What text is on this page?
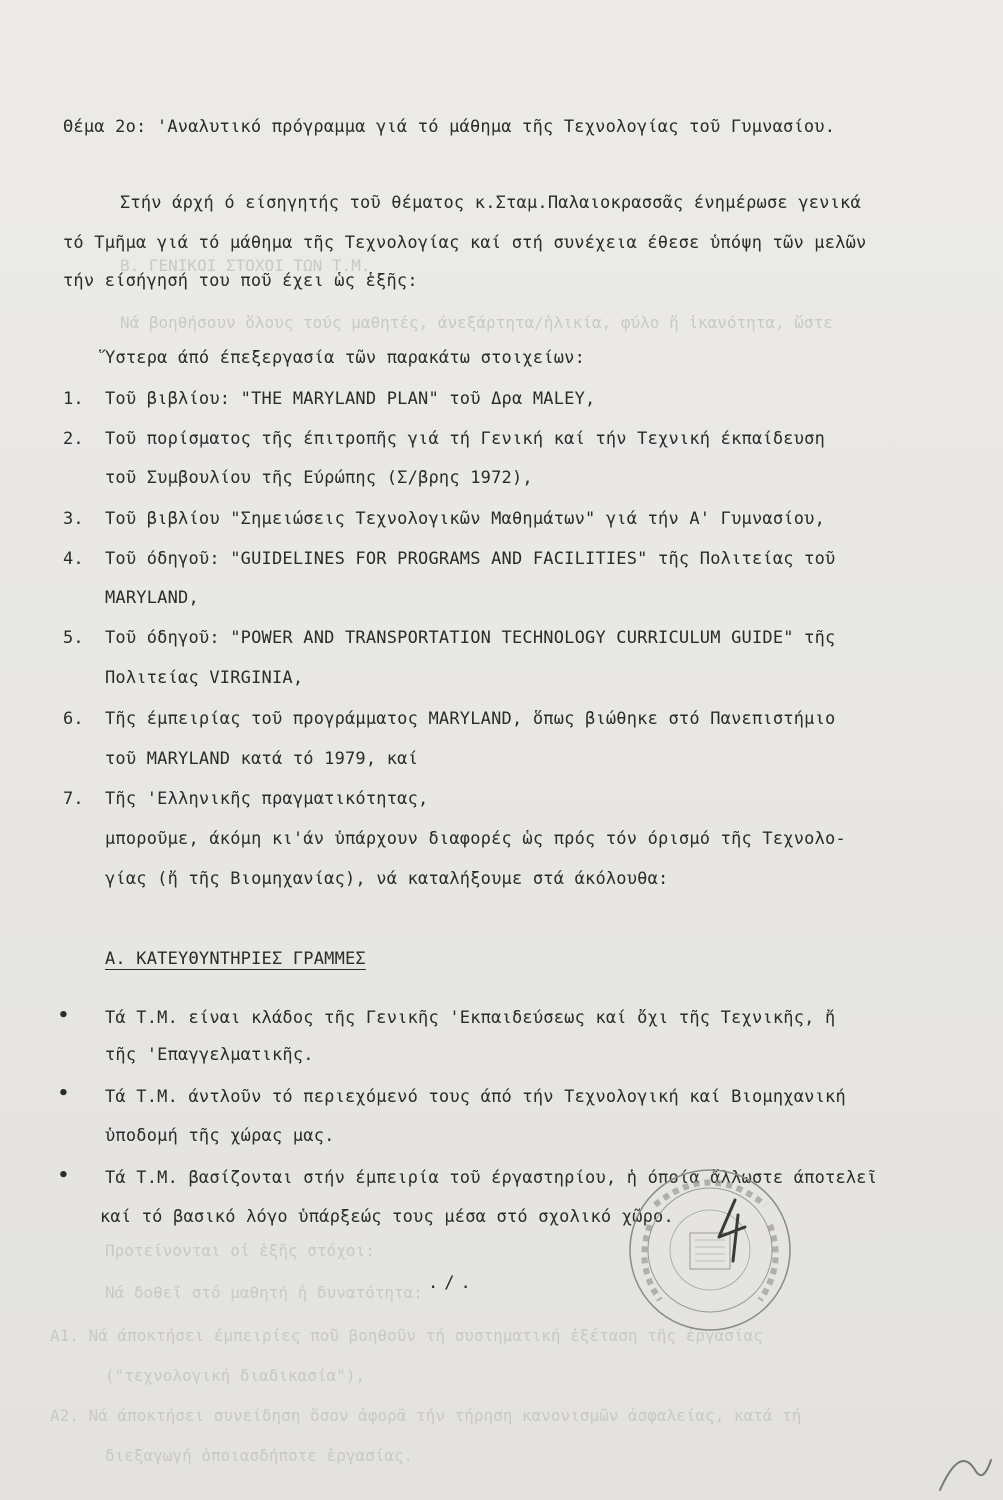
Β. ΓΕΝΙΚΟΙ ΣΤΟΧΟΙ ΤΩΝ Τ.Μ.
Νά βοηθήσουν ὅλους τούς μαθητές, άνεξάρτητα/ἡλικία, φύλο ἤ ἱκανότητα, ὥστε
Προτείνονται οἱ ἑξῆς στόχοι:
Νά δοθεῖ στό μαθητή ἡ δυνατότητα:
Α1. Νά άποκτήσει έμπειρίες ποῦ βοηθοῦν τή συστηματική ἐξέταση τῆς ἐργασίας
("τεχνολογική διαδικασία"),
Α2. Νά άποκτήσει συνείδηση ὅσον ἀφορᾶ τήν τήρηση κανονισμῶν ἀσφαλείας, κατά τή
διεξαγωγή ὁποιασδήποτε ἐργασίας.
Θέμα 2ο: 'Αναλυτικό πρόγραμμα γιά τό μάθημα τῆς Τεχνολογίας τοῦ Γυμνασίου.
Στήν άρχή ό είσηγητής τοῦ θέματος κ.Σταμ.Παλαιοκρασσᾶς ένημέρωσε γενικά
τό Τμῆμα γιά τό μάθημα τῆς Τεχνολογίας καί στή συνέχεια έθεσε ὑπόψη τῶν μελῶν
τήν είσήγησή του ποῦ έχει ὡς ἑξῆς:
Ὕστερα άπό έπεξεργασία τῶν παρακάτω στοιχείων:
1. Τοῦ βιβλίου: "THE MARYLAND PLAN" τοῦ Δρα MALEY,
2. Τοῦ πορίσματος τῆς έπιτροπῆς γιά τή Γενική καί τήν Τεχνική έκπαίδευση
τοῦ Συμβουλίου τῆς Εύρώπης (Σ/βρης 1972),
3. Τοῦ βιβλίου "Σημειώσεις Τεχνολογικῶν Μαθημάτων" γιά τήν Α' Γυμνασίου,
4. Τοῦ όδηγοῦ: "GUIDELINES FOR PROGRAMS AND FACILITIES" τῆς Πολιτείας τοῦ
MARYLAND,
5. Τοῦ όδηγοῦ: "POWER AND TRANSPORTATION TECHNOLOGY CURRICULUM GUIDE" τῆς
Πολιτείας VIRGINIA,
6. Τῆς έμπειρίας τοῦ προγράμματος MARYLAND, ὅπως βιώθηκε στό Πανεπιστήμιο
τοῦ MARYLAND κατά τό 1979, καί
7. Τῆς 'Ελληνικῆς πραγματικότητας,
μποροῦμε, άκόμη κι'άν ὑπάρχουν διαφορές ὡς πρός τόν όρισμό τῆς Τεχνολο-
γίας (ἤ τῆς Βιομηχανίας), νά καταλήξουμε στά άκόλουθα:
Α. ΚΑΤΕΥΘΥΝΤΗΡΙΕΣ ΓΡΑΜΜΕΣ
• Τά Τ.Μ. είναι κλάδος τῆς Γενικῆς 'Εκπαιδεύσεως καί ὄχι τῆς Τεχνικῆς, ἤ
τῆς 'Επαγγελματικῆς.
• Τά Τ.Μ. άντλοῦν τό περιεχόμενό τους άπό τήν Τεχνολογική καί Βιομηχανική
ὑποδομή τῆς χώρας μας.
• Τά Τ.Μ. βασίζονται στήν έμπειρία τοῦ έργαστηρίου, ἡ όποία ἄλλωστε άποτελεῖ
καί τό βασικό λόγο ὑπάρξεώς τους μέσα στό σχολικό χῶρο.
./.
